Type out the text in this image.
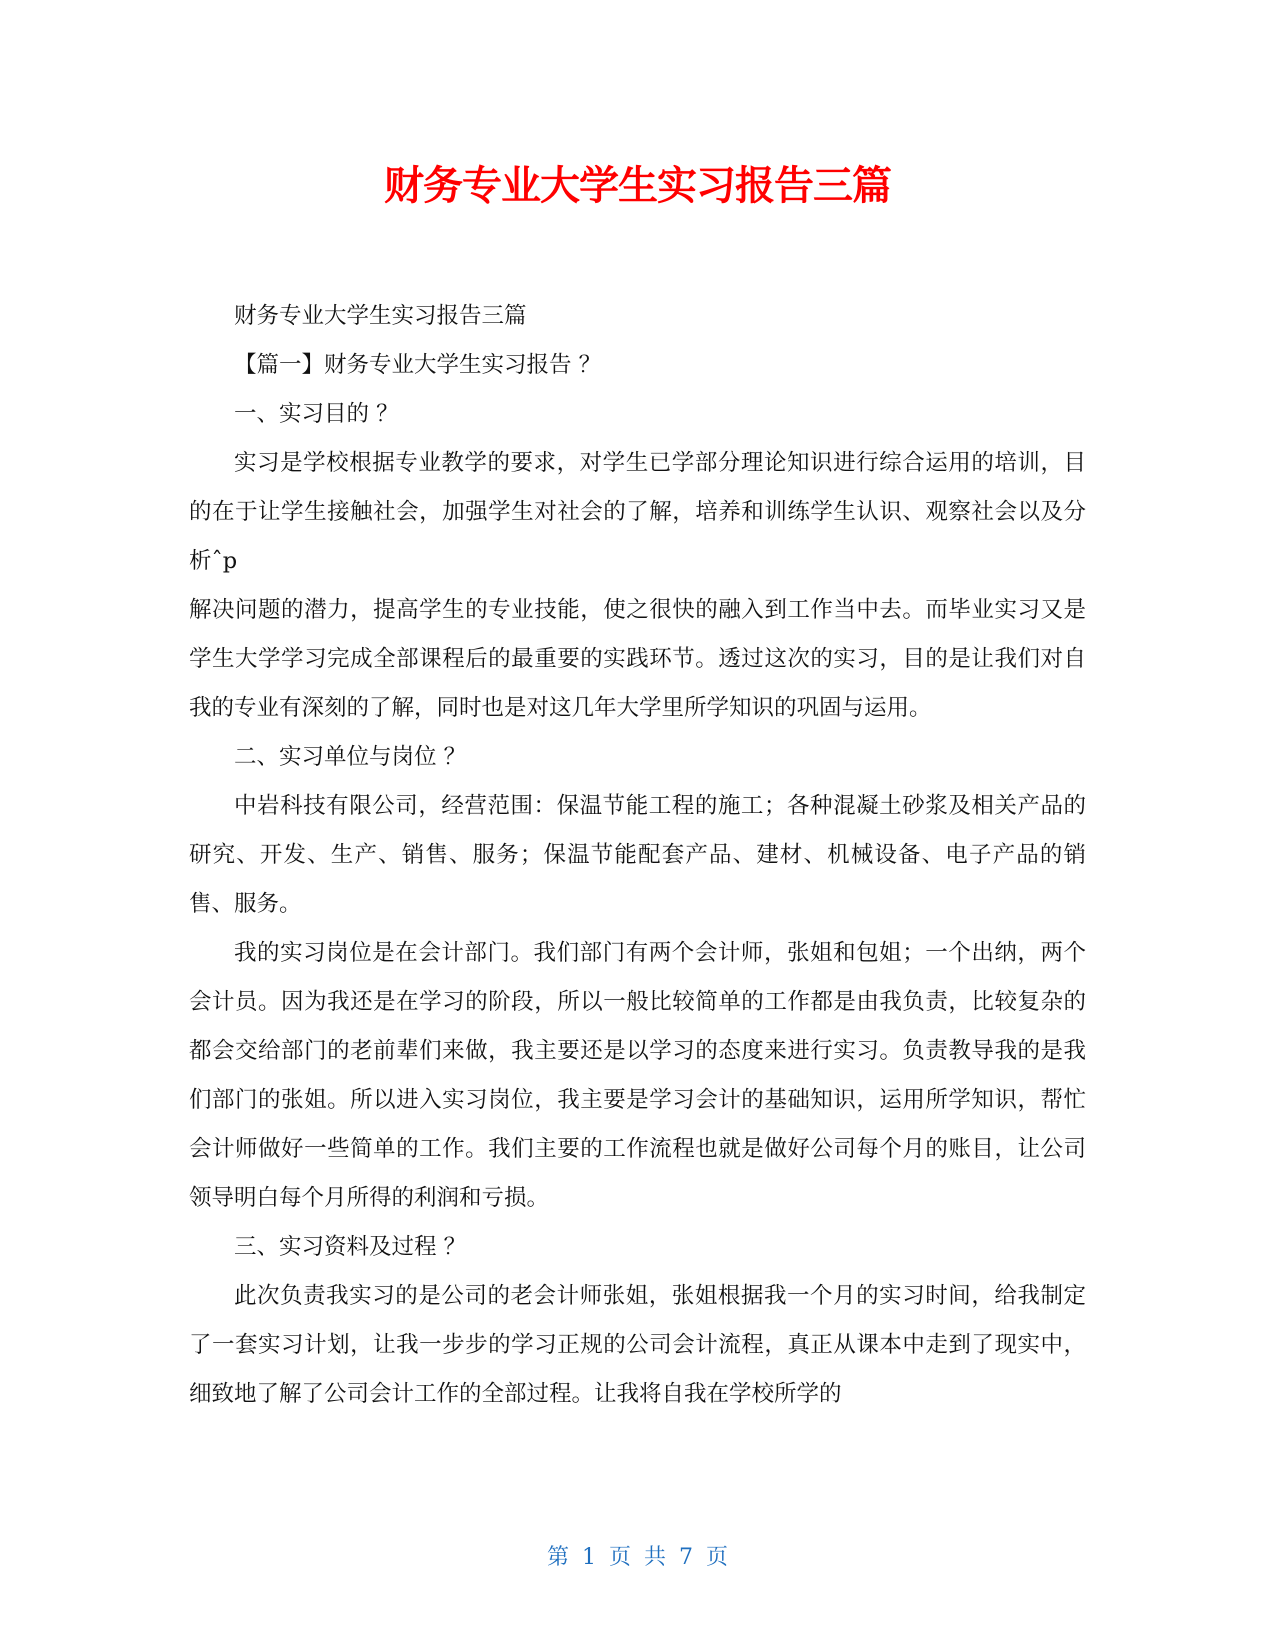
财务专业大学生实习报告三篇

财务专业大学生实习报告三篇

【篇一】财务专业大学生实习报告 ？

一、实习目的 ？

实习是学校根据专业教学的要求，对学生已学部分理论知识进行综合运用的培训，目的在于让学生接触社会，加强学生对社会的了解，培养和训练学生认识、观察社会以及分析ˆp

解决问题的潜力，提高学生的专业技能，使之很快的融入到工作当中去。而毕业实习又是学生大学学习完成全部课程后的最重要的实践环节。透过这次的实习，目的是让我们对自我的专业有深刻的了解，同时也是对这几年大学里所学知识的巩固与运用。

二、实习单位与岗位 ？

中岩科技有限公司，经营范围：保温节能工程的施工；各种混凝土砂浆及相关产品的研究、开发、生产、销售、服务；保温节能配套产品、建材、机械设备、电子产品的销售、服务。

我的实习岗位是在会计部门。我们部门有两个会计师，张姐和包姐；一个出纳，两个会计员。因为我还是在学习的阶段，所以一般比较简单的工作都是由我负责，比较复杂的都会交给部门的老前辈们来做，我主要还是以学习的态度来进行实习。负责教导我的是我们部门的张姐。所以进入实习岗位，我主要是学习会计的基础知识，运用所学知识，帮忙会计师做好一些简单的工作。我们主要的工作流程也就是做好公司每个月的账目，让公司领导明白每个月所得的利润和亏损。

三、实习资料及过程 ？

此次负责我实习的是公司的老会计师张姐，张姐根据我一个月的实习时间，给我制定了一套实习计划，让我一步步的学习正规的公司会计流程，真正从课本中走到了现实中，细致地了解了公司会计工作的全部过程。让我将自我在学校所学的

第 1 页 共 7 页
